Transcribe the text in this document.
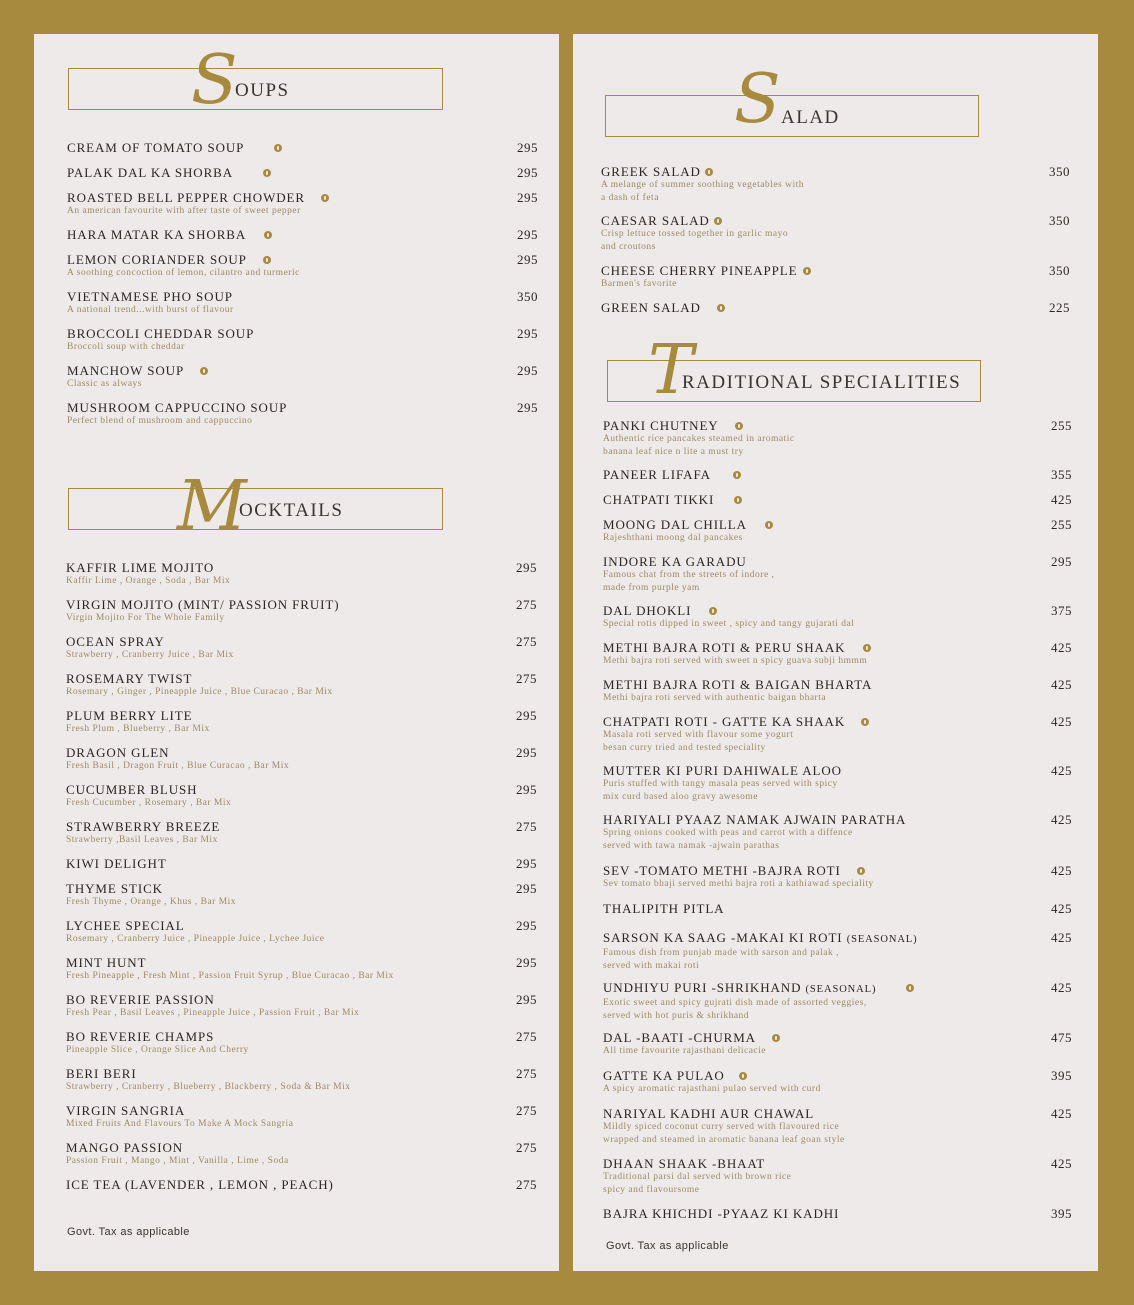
S
OUPS
CREAM OF TOMATO SOUP	295
PALAK DAL KA SHORBA	295
ROASTED BELL PEPPER CHOWDER
An american favourite with after taste of sweet pepper
295
HARA MATAR KA SHORBA	295
LEMON CORIANDER SOUP
A soothing concoction of lemon, cilantro and turmeric
295
VIETNAMESE PHO SOUP
A national trend...with burst of flavour
350
BROCCOLI CHEDDAR SOUP
Broccoli soup with cheddar
295
MANCHOW SOUP
Classic as always
295
MUSHROOM CAPPUCCINO SOUP
Perfect blend of mushroom and cappuccino
295
M
OCKTAILS
KAFFIR LIME MOJITO
Kaffir Lime , Orange , Soda , Bar Mix
295
VIRGIN MOJITO (MINT/ PASSION FRUIT)
Virgin Mojito For The Whole Family
275
OCEAN SPRAY
Strawberry , Cranberry Juice , Bar Mix
275
ROSEMARY TWIST
Rosemary , Ginger , Pineapple Juice , Blue Curacao , Bar Mix
275
PLUM BERRY LITE
Fresh Plum , Blueberry , Bar Mix
295
DRAGON GLEN
Fresh Basil , Dragon Fruit , Blue Curacao , Bar Mix
295
CUCUMBER BLUSH
Fresh Cucumber , Rosemary , Bar Mix
295
STRAWBERRY BREEZE
Strawberry ,Basil Leaves , Bar Mix
275
KIWI DELIGHT	295
THYME STICK
Fresh Thyme , Orange , Khus , Bar Mix
295
LYCHEE SPECIAL
Rosemary , Cranberry Juice , Pineapple Juice , Lychee Juice
295
MINT HUNT
Fresh Pineapple , Fresh Mint , Passion Fruit Syrup , Blue Curacao , Bar Mix
295
BO REVERIE PASSION
Fresh Pear , Basil Leaves , Pineapple Juice , Passion Fruit , Bar Mix
295
BO REVERIE CHAMPS
Pineapple Slice , Orange Slice And Cherry
275
BERI BERI
Strawberry , Cranberry , Blueberry , Blackberry , Soda & Bar Mix
275
VIRGIN SANGRIA
Mixed Fruits And Flavours To Make A Mock Sangria
275
MANGO PASSION
Passion Fruit , Mango , Mint , Vanilla , Lime , Soda
275
ICE TEA (LAVENDER , LEMON , PEACH)	275
Govt. Tax as applicable
S ALAD
GREEK SALAD
A melange of summer soothing vegetables with
a dash of feta
350
CAESAR SALAD
Crisp lettuce tossed together in garlic mayo
and croutons
350
CHEESE CHERRY PINEAPPLE
Barmen's favorite
350
GREEN SALAD	225
T
RADITIONAL SPECIALITIES
PANKI CHUTNEY
Authentic rice pancakes steamed in aromatic
banana leaf nice n lite a must try
255
PANEER LIFAFA	355
CHATPATI TIKKI	425
MOONG DAL CHILLA
Rajeshthani moong dal pancakes
255
INDORE KA GARADU
Famous chat from the streets of indore ,
made from purple yam
295
DAL DHOKLI
Special rotis dipped in sweet , spicy and tangy gujarati dal
375
METHI BAJRA ROTI & PERU SHAAK
Methi bajra roti served with sweet n spicy guava subji hmmm
425
METHI BAJRA ROTI & BAIGAN BHARTA
Methi bajra roti served with authentic baigan bharta
425
CHATPATI ROTI - GATTE KA SHAAK
Masala roti served with flavour some yogurt
besan curry tried and tested speciality
425
MUTTER KI PURI DAHIWALE ALOO
Puris stuffed with tangy masala peas served with spicy
mix curd based aloo gravy awesome
425
HARIYALI PYAAZ NAMAK AJWAIN PARATHA
Spring onions cooked with peas and carrot with a diffence
served with tawa namak -ajwain parathas
425
SEV -TOMATO METHI -BAJRA ROTI
Sev tomato bhaji served methi bajra roti a kathiawad speciality
425
THALIPITH PITLA	425
SARSON KA SAAG -MAKAI KI ROTI (SEASONAL)
Famous dish from punjab made with sarson and palak ,
served with makai roti
425
UNDHIYU PURI -SHRIKHAND (SEASONAL)
Exotic sweet and spicy gujrati dish made of assorted veggies,
served with hot puris & shrikhand
425
DAL -BAATI -CHURMA
All time favourite rajasthani delicacie
475
GATTE KA PULAO
A spicy aromatic rajasthani pulao served with curd
395
NARIYAL KADHI AUR CHAWAL
Mildly spiced coconut curry served with flavoured rice
wrapped and steamed in aromatic banana leaf goan style
425
DHAAN SHAAK -BHAAT
Traditional parsi dal served with brown rice
spicy and flavoursome
425
BAJRA KHICHDI -PYAAZ KI KADHI	395
Govt. Tax as applicable
